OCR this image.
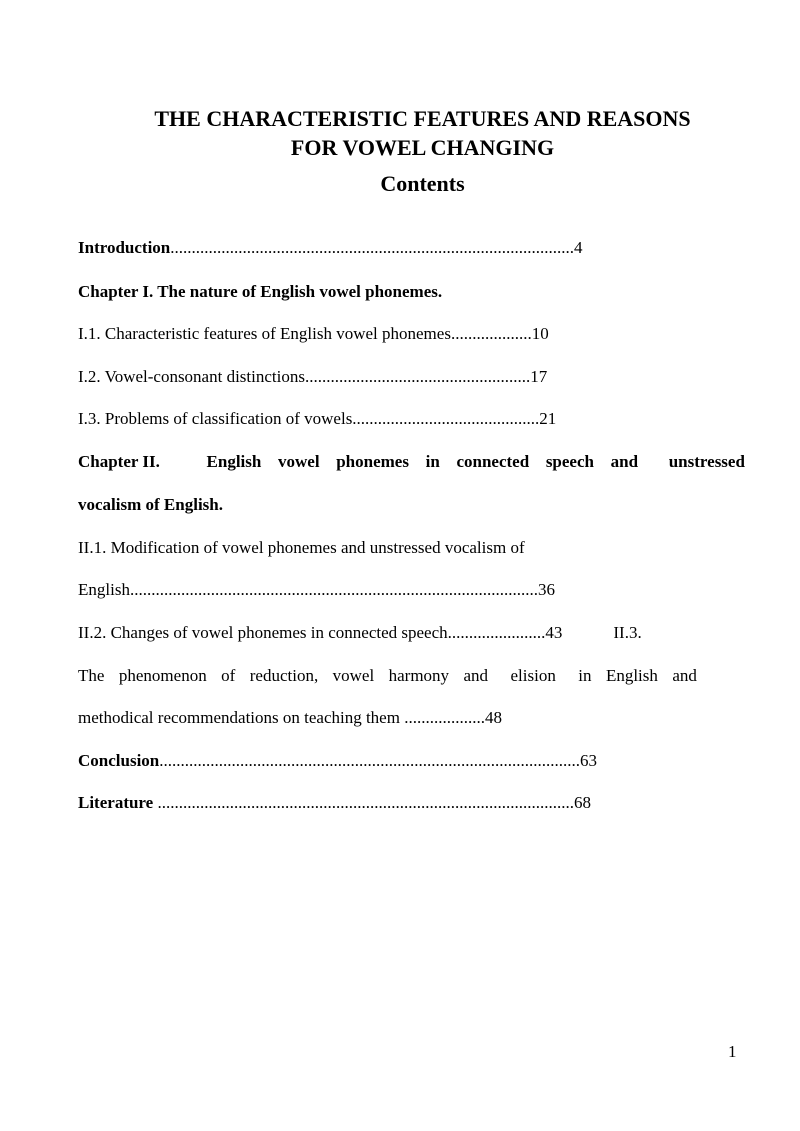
THE CHARACTERISTIC FEATURES AND REASONS
FOR VOWEL CHANGING
Contents
Introduction...............................................................................................4
Chapter I. The nature of English vowel phonemes.
I.1. Characteristic features of English vowel phonemes...................10
I.2. Vowel-consonant distinctions.....................................................17
I.3. Problems of classification of vowels............................................21
Chapter II.	English vowel phonemes in connected speech and unstressed
vocalism of English.
II.1. Modification of vowel phonemes and unstressed vocalism of
English................................................................................................36
II.2. Changes of vowel phonemes in connected speech.......................43	II.3.
The phenomenon of reduction, vowel harmony and elision in English and
methodical recommendations on teaching them ...................48
Conclusion...................................................................................................63
Literature ..................................................................................................68
1
